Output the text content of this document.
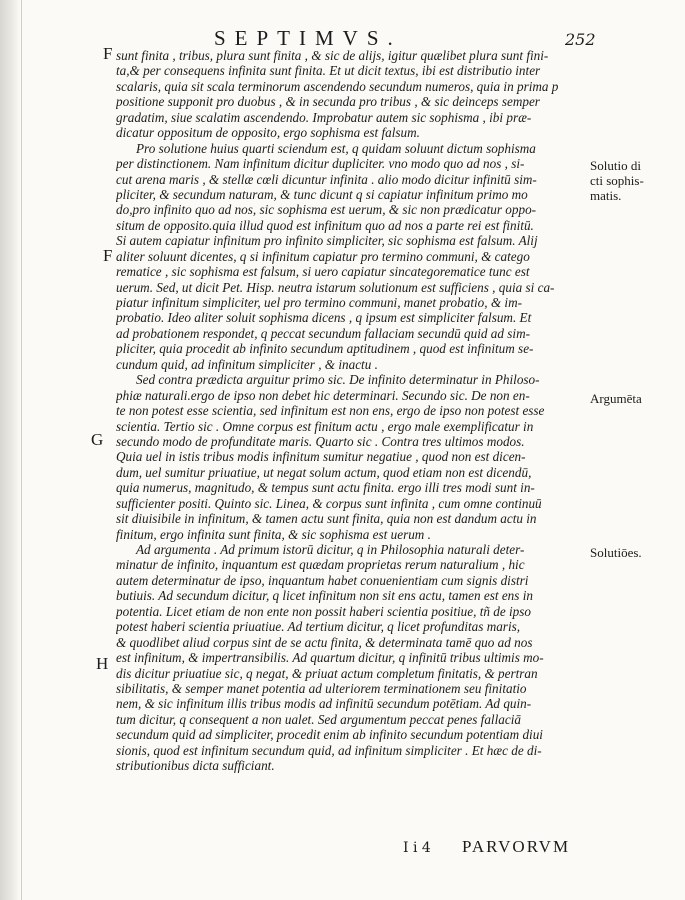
SEPTIMVS.	252
F
F
G
H
Solutio di
cti sophis-
matis.
Argumēta
Solutiōes.
sunt finita , tribus, plura sunt finita , & sic de alijs, igitur quælibet plura sunt fini-
ta,& per consequens infinita sunt finita. Et ut dicit textus, ibi est distributio inter
scalaris, quia sit scala terminorum ascendendo secundum numeros, quia in prima p
positione supponit pro duobus , & in secunda pro tribus , & sic deinceps semper
gradatim, siue scalatim ascendendo. Improbatur autem sic sophisma , ibi præ-
dicatur oppositum de opposito, ergo sophisma est falsum.
Pro solutione huius quarti sciendum est, q quidam soluunt dictum sophisma
per distinctionem. Nam infinitum dicitur dupliciter. vno modo quo ad nos , si-
cut arena maris , & stellæ cœli dicuntur infinita . alio modo dicitur infinitū sim-
pliciter, & secundum naturam, & tunc dicunt q si capiatur infinitum primo mo
do,pro infinito quo ad nos, sic sophisma est uerum, & sic non prædicatur oppo-
situm de opposito.quia illud quod est infinitum quo ad nos a parte rei est finitū.
Si autem capiatur infinitum pro infinito simpliciter, sic sophisma est falsum. Alij
aliter soluunt dicentes, q si infinitum capiatur pro termino communi, & catego
rematice , sic sophisma est falsum, si uero capiatur sincategorematice tunc est
uerum. Sed, ut dicit Pet. Hisp. neutra istarum solutionum est sufficiens , quia si ca-
piatur infinitum simpliciter, uel pro termino communi, manet probatio, & im-
probatio. Ideo aliter soluit sophisma dicens , q ipsum est simpliciter falsum. Et
ad probationem respondet, q peccat secundum fallaciam secundū quid ad sim-
pliciter, quia procedit ab infinito secundum aptitudinem , quod est infinitum se-
cundum quid, ad infinitum simpliciter , & inactu .
Sed contra prædicta arguitur primo sic. De infinito determinatur in Philoso-
phiæ naturali.ergo de ipso non debet hic determinari. Secundo sic. De non en-
te non potest esse scientia, sed infinitum est non ens, ergo de ipso non potest esse
scientia. Tertio sic . Omne corpus est finitum actu , ergo male exemplificatur in
secundo modo de profunditate maris. Quarto sic . Contra tres ultimos modos.
Quia uel in istis tribus modis infinitum sumitur negatiue , quod non est dicen-
dum, uel sumitur priuatiue, ut negat solum actum, quod etiam non est dicendū,
quia numerus, magnitudo, & tempus sunt actu finita. ergo illi tres modi sunt in-
sufficienter positi. Quinto sic. Linea, & corpus sunt infinita , cum omne continuū
sit diuisibile in infinitum, & tamen actu sunt finita, quia non est dandum actu in
finitum, ergo infinita sunt finita, & sic sophisma est uerum .
Ad argumenta . Ad primum istorū dicitur, q in Philosophia naturali deter-
minatur de infinito, inquantum est quædam proprietas rerum naturalium , hic
autem determinatur de ipso, inquantum habet conuenientiam cum signis distri
butiuis. Ad secundum dicitur, q licet infinitum non sit ens actu, tamen est ens in
potentia. Licet etiam de non ente non possit haberi scientia positiue, tñ de ipso
potest haberi scientia priuatiue. Ad tertium dicitur, q licet profunditas maris,
& quodlibet aliud corpus sint de se actu finita, & determinata tamē quo ad nos
est infinitum, & impertransibilis. Ad quartum dicitur, q infinitū tribus ultimis mo-
dis dicitur priuatiue sic, q negat, & priuat actum completum finitatis, & pertran
sibilitatis, & semper manet potentia ad ulteriorem terminationem seu finitatio
nem, & sic infinitum illis tribus modis ad infinitū secundum potētiam. Ad quin-
tum dicitur, q consequent a non ualet. Sed argumentum peccat penes fallaciā
secundum quid ad simpliciter, procedit enim ab infinito secundum potentiam diui
sionis, quod est infinitum secundum quid, ad infinitum simpliciter . Et hæc de di-
stributionibus dicta sufficiant.
I i 4 PARVORVM
